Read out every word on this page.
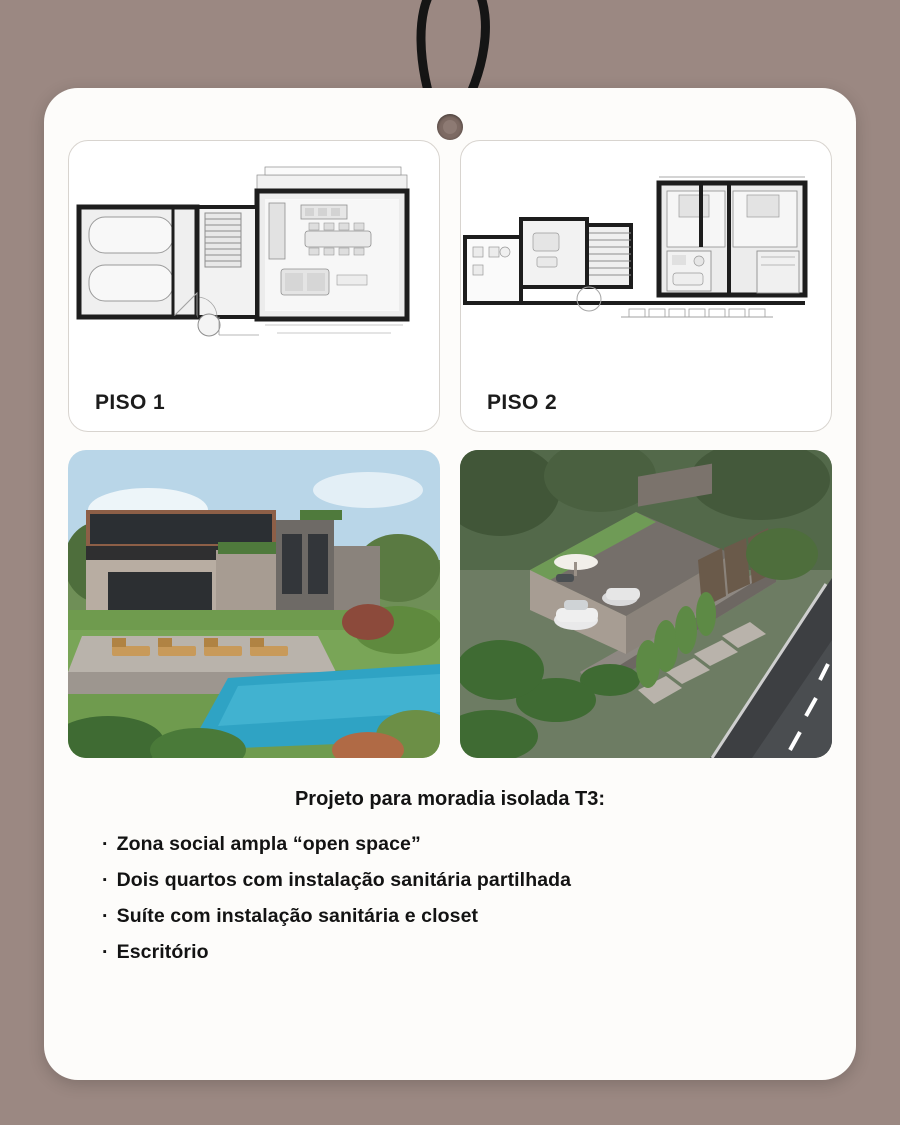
PISO 1	PISO 2
Projeto para moradia isolada T3:
· Zona social ampla “open space”
· Dois quartos com instalação sanitária partilhada
· Suíte com instalação sanitária e closet
· Escritório
